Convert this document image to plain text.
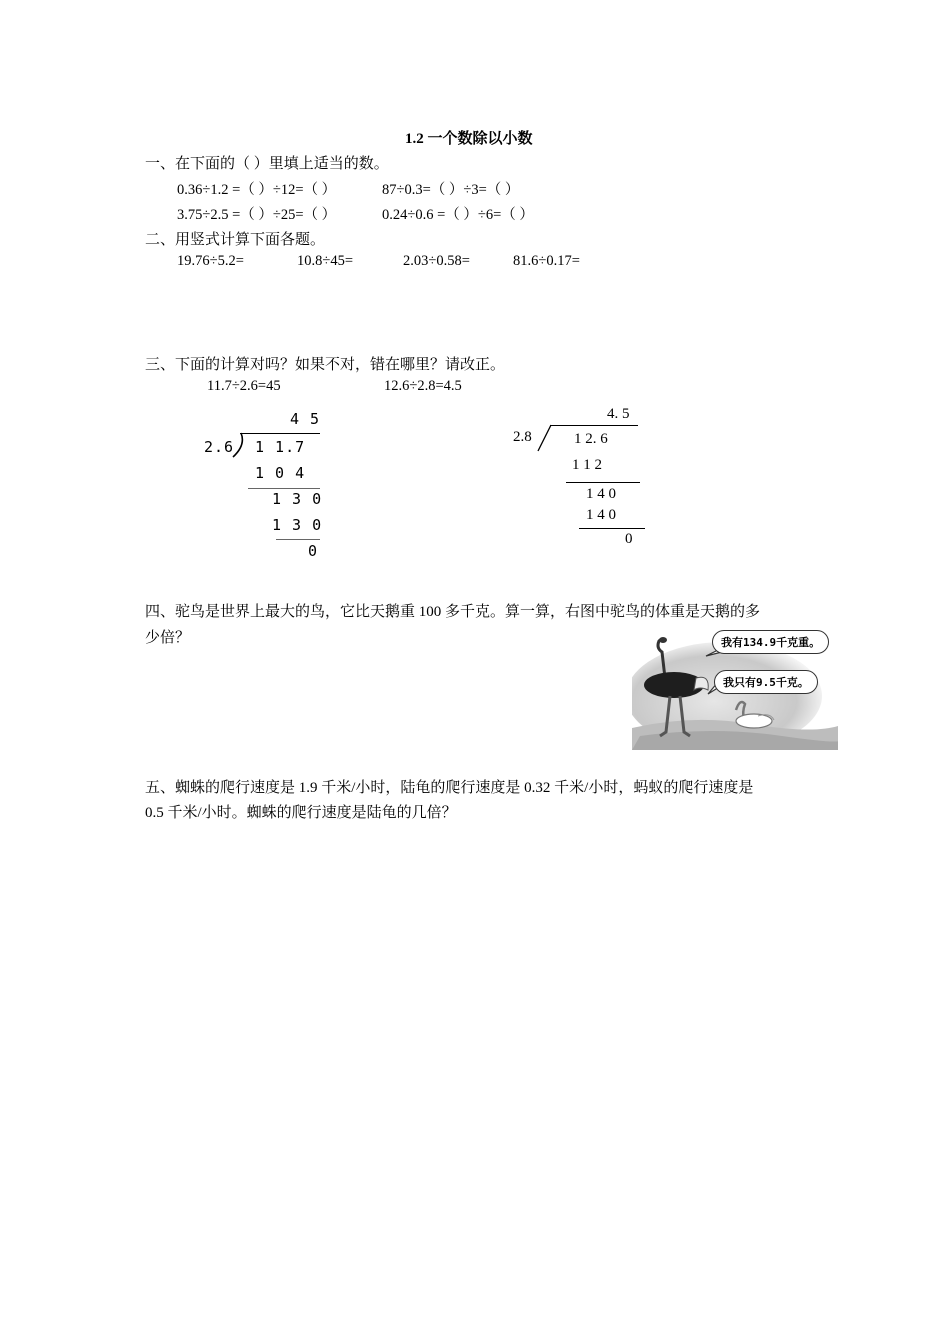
1.2 一个数除以小数
一、在下面的（ ）里填上适当的数。
0.36÷1.2 =（ ）÷12=（ ）	87÷0.3=（ ）÷3=（ ）
3.75÷2.5 =（ ）÷25=（ ）	0.24÷0.6 =（ ）÷6=（ ）
二、用竖式计算下面各题。
19.76÷5.2=	10.8÷45=	2.03÷0.58=	81.6÷0.17=
三、下面的计算对吗？如果不对，错在哪里？请改正。
11.7÷2.6=45	12.6÷2.8=4.5
4 5
2.6 1 1.7
1 0 4
1 3 0
1 3 0
0
4. 5
2.8	1 2. 6
1 1 2
1 4 0
1 4 0
0
四、驼鸟是世界上最大的鸟，它比天鹅重 100 多千克。算一算，右图中驼鸟的体重是天鹅的多
少倍？	我有134.9千克重。
我只有9.5千克。
五、蜘蛛的爬行速度是 1.9 千米/小时，陆龟的爬行速度是 0.32 千米/小时，蚂蚁的爬行速度是
0.5 千米/小时。蜘蛛的爬行速度是陆龟的几倍？
